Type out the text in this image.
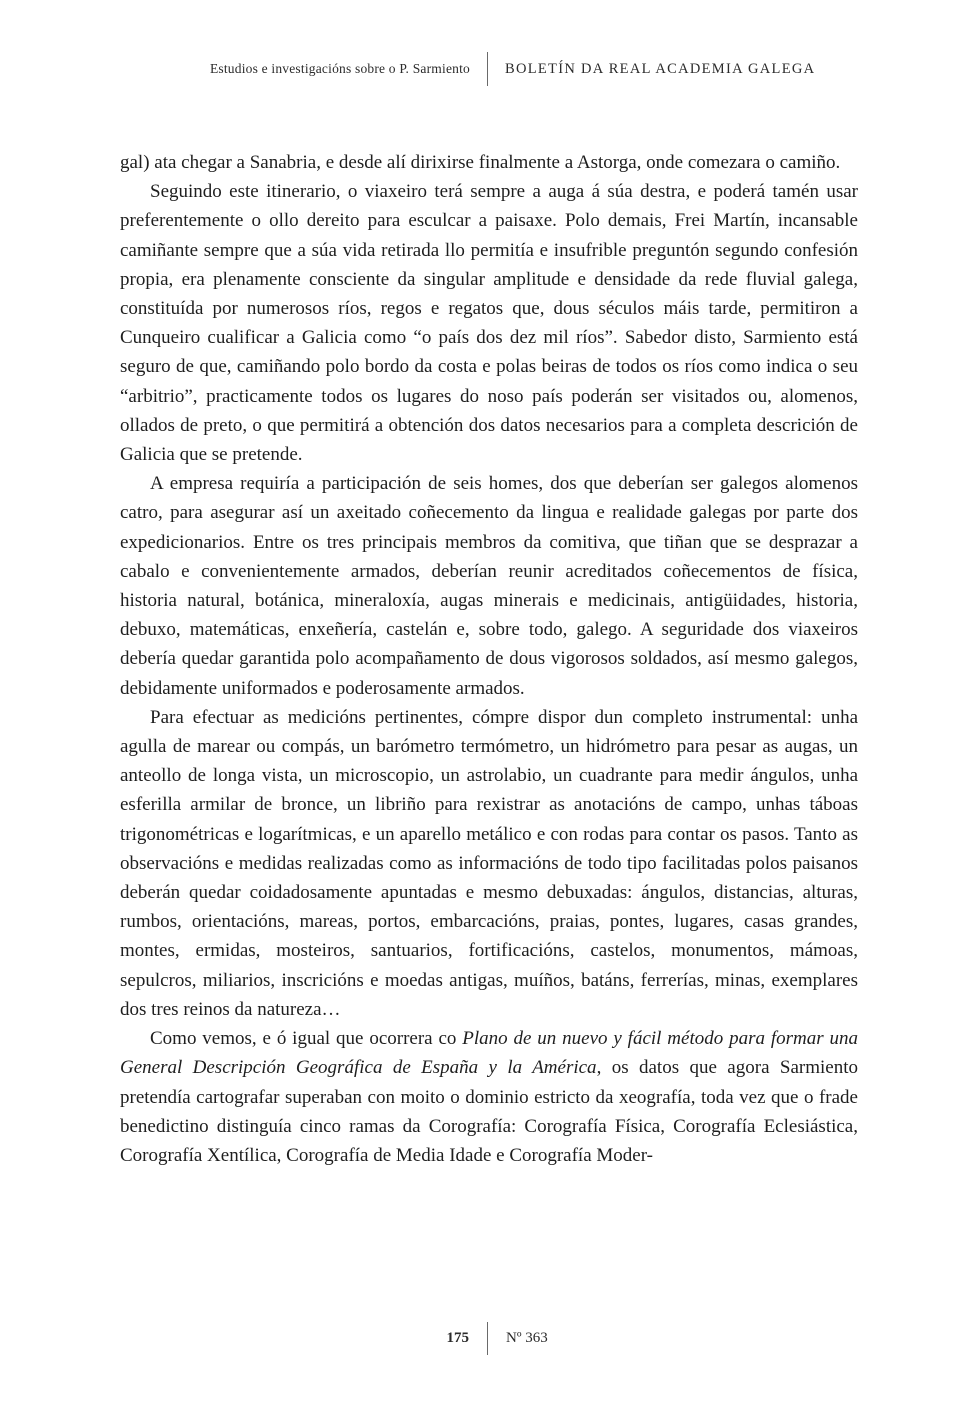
Estudios e investigacións sobre o P. Sarmiento	BOLETÍN DA REAL ACADEMIA GALEGA

gal) ata chegar a Sanabria, e desde alí dirixirse finalmente a Astorga, onde comezara o camiño.

Seguindo este itinerario, o viaxeiro terá sempre a auga á súa destra, e poderá tamén usar preferentemente o ollo dereito para esculcar a paisaxe. Polo demais, Frei Martín, incansable camiñante sempre que a súa vida retirada llo permitía e insufrible preguntón segundo confesión propia, era plenamente consciente da singular amplitude e densidade da rede fluvial galega, constituída por numerosos ríos, regos e regatos que, dous séculos máis tarde, permitiron a Cunqueiro cualificar a Galicia como “o país dos dez mil ríos”. Sabedor disto, Sarmiento está seguro de que, camiñando polo bordo da costa e polas beiras de todos os ríos como indica o seu “arbitrio”, practicamente todos os lugares do noso país poderán ser visitados ou, alomenos, ollados de preto, o que permitirá a obtención dos datos necesarios para a completa descrición de Galicia que se pretende.

A empresa requiría a participación de seis homes, dos que deberían ser galegos alomenos catro, para asegurar así un axeitado coñecemento da lingua e realidade galegas por parte dos expedicionarios. Entre os tres principais membros da comitiva, que tiñan que se desprazar a cabalo e convenientemente armados, deberían reunir acreditados coñecementos de física, historia natural, botánica, mineraloxía, augas minerais e medicinais, antigüidades, historia, debuxo, matemáticas, enxeñería, castelán e, sobre todo, galego. A seguridade dos viaxeiros debería quedar garantida polo acompañamento de dous vigorosos soldados, así mesmo galegos, debidamente uniformados e poderosamente armados.

Para efectuar as medicións pertinentes, cómpre dispor dun completo instrumental: unha agulla de marear ou compás, un barómetro termómetro, un hidrómetro para pesar as augas, un anteollo de longa vista, un microscopio, un astrolabio, un cuadrante para medir ángulos, unha esferilla armilar de bronce, un libriño para rexistrar as anotacións de campo, unhas táboas trigonométricas e logarítmicas, e un aparello metálico e con rodas para contar os pasos. Tanto as observacións e medidas realizadas como as informacións de todo tipo facilitadas polos paisanos deberán quedar coidadosamente apuntadas e mesmo debuxadas: ángulos, distancias, alturas, rumbos, orientacións, mareas, portos, embarcacións, praias, pontes, lugares, casas grandes, montes, ermidas, mosteiros, santuarios, fortificacións, castelos, monumentos, mámoas, sepulcros, miliarios, inscricións e moedas antigas, muíños, batáns, ferrerías, minas, exemplares dos tres reinos da natureza…

Como vemos, e ó igual que ocorrera co Plano de un nuevo y fácil método para formar una General Descripción Geográfica de España y la América, os datos que agora Sarmiento pretendía cartografar superaban con moito o dominio estricto da xeografía, toda vez que o frade benedictino distinguía cinco ramas da Corografía: Corografía Física, Corografía Eclesiástica, Corografía Xentílica, Corografía de Media Idade e Corografía Moder-

175	Nº 363
